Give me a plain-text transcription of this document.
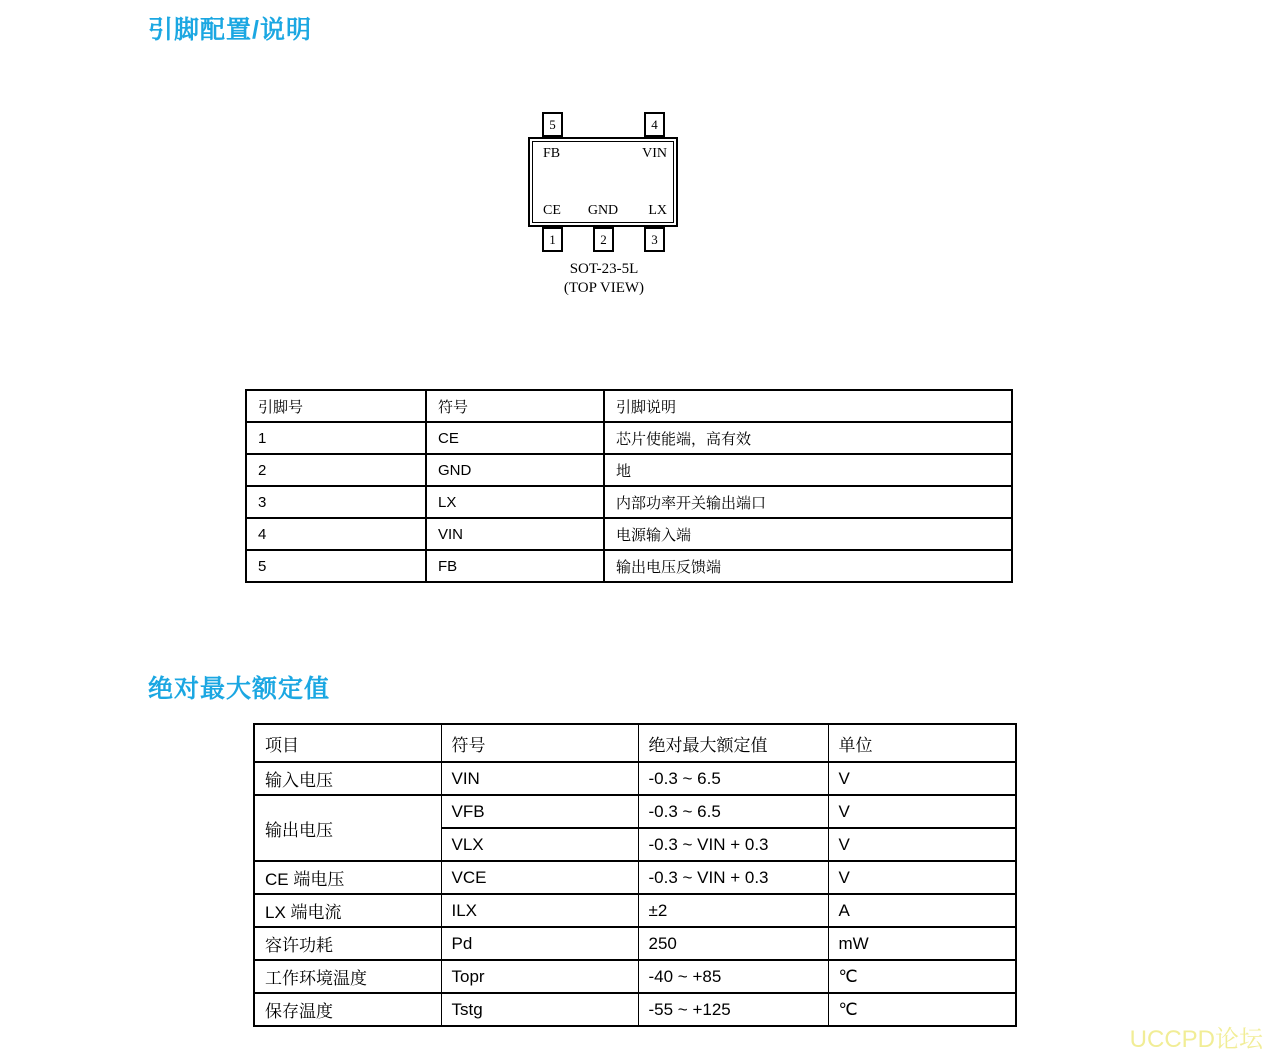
引脚配置/说明
5	4
FB	VIN
CE GND LX
1	2	3
SOT-23-5L
(TOP VIEW)
引脚号	符号	引脚说明
1	CE	芯片使能端，高有效
2	GND	地
3	LX	内部功率开关输出端口
4	VIN	电源输入端
5	FB	输出电压反馈端
绝对最大额定值
项目	符号	绝对最大额定值	单位
输入电压	VIN	-0.3 ~ 6.5	V
输出电压	VFB	-0.3 ~ 6.5	V
	VLX	-0.3 ~ VIN + 0.3	V
CE 端电压	VCE	-0.3 ~ VIN + 0.3	V
LX 端电流	ILX	±2	A
容许功耗	Pd	250	mW
工作环境温度	Topr	-40 ~ +85	℃
保存温度	Tstg	-55 ~ +125	℃
UCCPD论坛
